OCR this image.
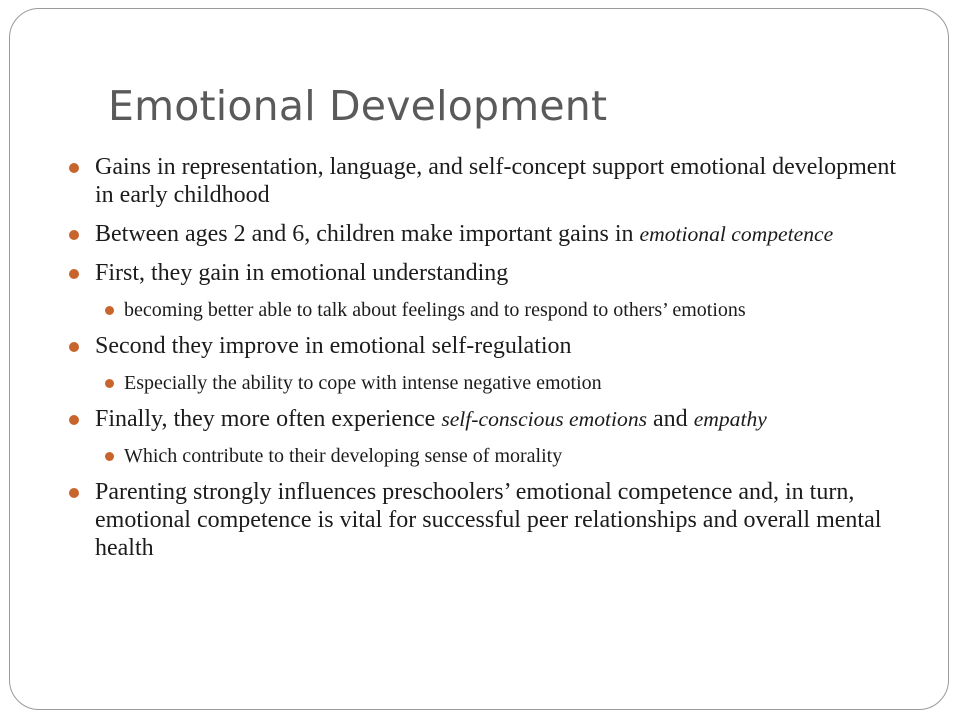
Emotional Development
Gains in representation, language, and self-concept support emotional development in early childhood
Between ages 2 and 6, children make important gains in emotional competence
First, they gain in emotional understanding
becoming better able to talk about feelings and to respond to others’ emotions
Second they improve in emotional self-regulation
Especially the ability to cope with intense negative emotion
Finally, they more often experience self-conscious emotions and empathy
Which contribute to their developing sense of morality
Parenting strongly influences preschoolers’ emotional competence and, in turn, emotional competence is vital for successful peer relationships and overall mental health
